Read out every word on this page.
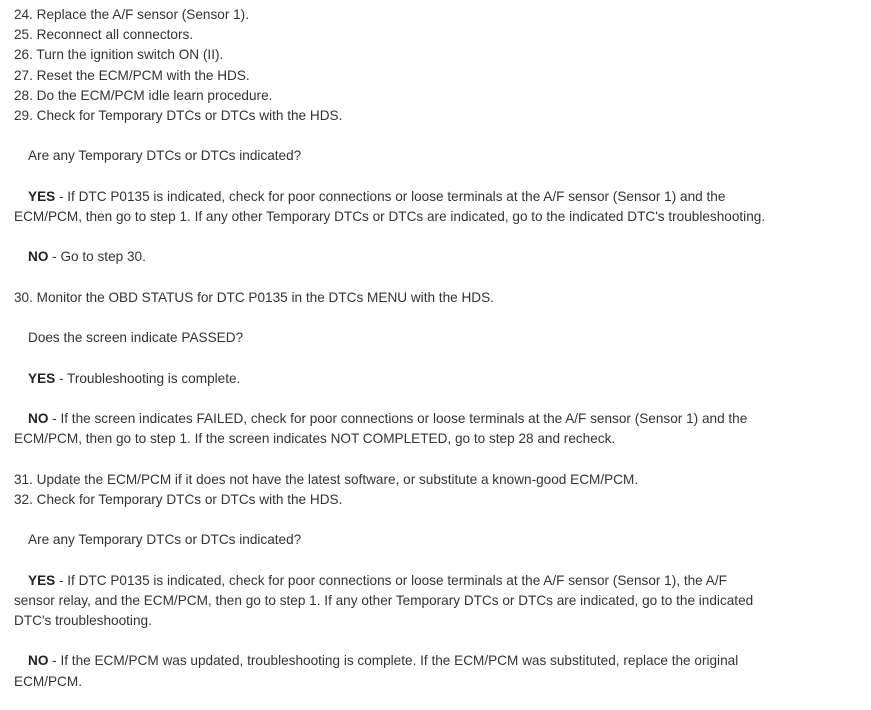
24. Replace the A/F sensor (Sensor 1).
25. Reconnect all connectors.
26. Turn the ignition switch ON (II).
27. Reset the ECM/PCM with the HDS.
28. Do the ECM/PCM idle learn procedure.
29. Check for Temporary DTCs or DTCs with the HDS.
Are any Temporary DTCs or DTCs indicated?
YES - If DTC P0135 is indicated, check for poor connections or loose terminals at the A/F sensor (Sensor 1) and the
ECM/PCM, then go to step 1. If any other Temporary DTCs or DTCs are indicated, go to the indicated DTC's troubleshooting.
NO - Go to step 30.
30. Monitor the OBD STATUS for DTC P0135 in the DTCs MENU with the HDS.
Does the screen indicate PASSED?
YES - Troubleshooting is complete.
NO - If the screen indicates FAILED, check for poor connections or loose terminals at the A/F sensor (Sensor 1) and the
ECM/PCM, then go to step 1. If the screen indicates NOT COMPLETED, go to step 28 and recheck.
31. Update the ECM/PCM if it does not have the latest software, or substitute a known-good ECM/PCM.
32. Check for Temporary DTCs or DTCs with the HDS.
Are any Temporary DTCs or DTCs indicated?
YES - If DTC P0135 is indicated, check for poor connections or loose terminals at the A/F sensor (Sensor 1), the A/F
sensor relay, and the ECM/PCM, then go to step 1. If any other Temporary DTCs or DTCs are indicated, go to the indicated
DTC's troubleshooting.
NO - If the ECM/PCM was updated, troubleshooting is complete. If the ECM/PCM was substituted, replace the original
ECM/PCM.
